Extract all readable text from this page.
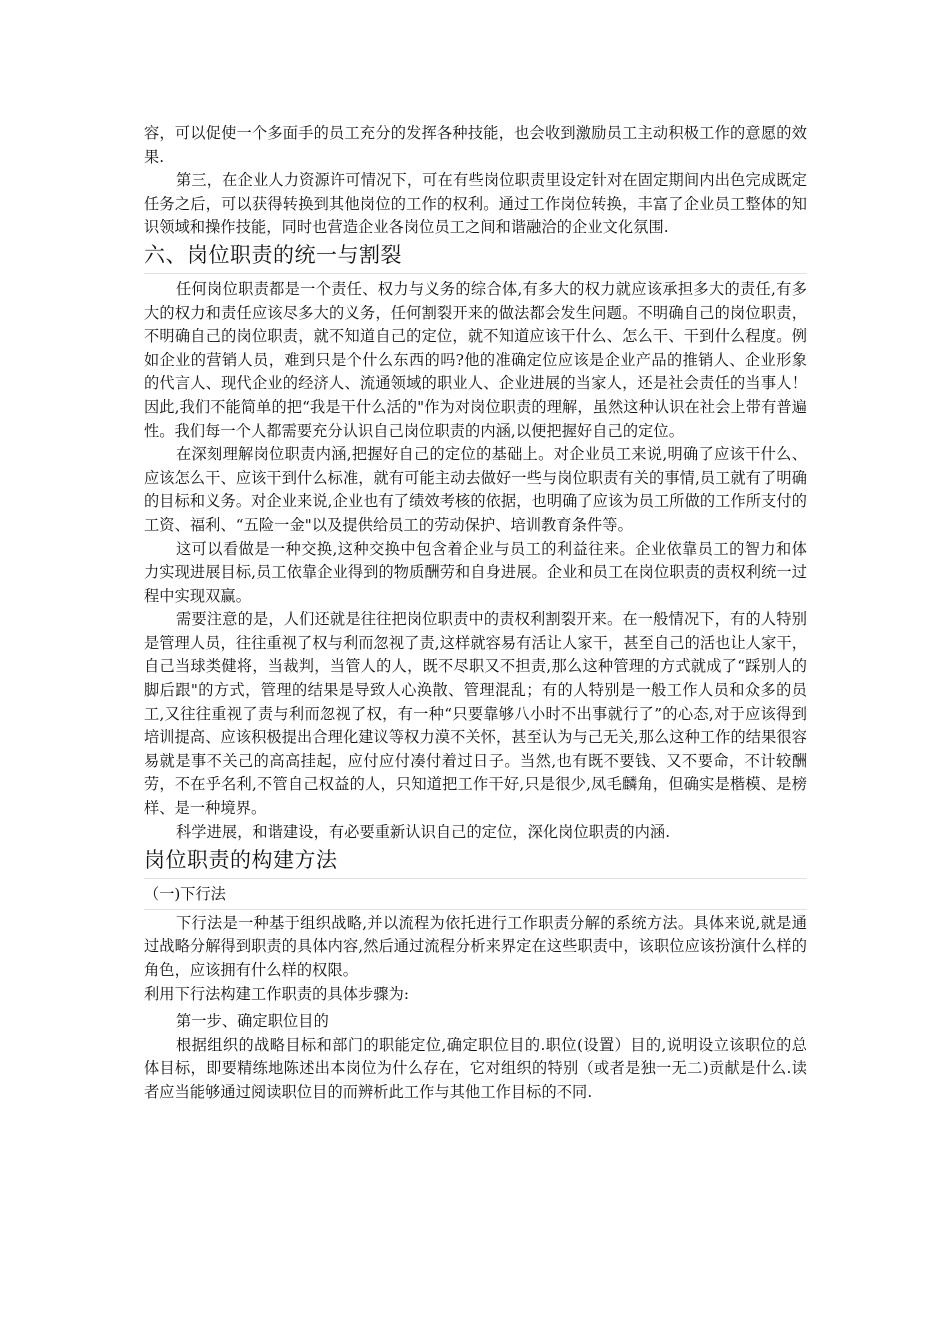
容，可以促使一个多面手的员工充分的发挥各种技能，也会收到激励员工主动积极工作的意愿的效果.

第三，在企业人力资源许可情况下，可在有些岗位职责里设定针对在固定期间内出色完成既定任务之后，可以获得转换到其他岗位的工作的权利。通过工作岗位转换，丰富了企业员工整体的知识领域和操作技能，同时也营造企业各岗位员工之间和谐融洽的企业文化氛围.

六、岗位职责的统一与割裂

任何岗位职责都是一个责任、权力与义务的综合体,有多大的权力就应该承担多大的责任,有多大的权力和责任应该尽多大的义务，任何割裂开来的做法都会发生问题。不明确自己的岗位职责，不明确自己的岗位职责，就不知道自己的定位，就不知道应该干什么、怎么干、干到什么程度。例如企业的营销人员，难到只是个什么东西的吗?他的准确定位应该是企业产品的推销人、企业形象的代言人、现代企业的经济人、流通领域的职业人、企业进展的当家人，还是社会责任的当事人！因此,我们不能简单的把“我是干什么活的"作为对岗位职责的理解，虽然这种认识在社会上带有普遍性。我们每一个人都需要充分认识自己岗位职责的内涵,以便把握好自己的定位。

在深刻理解岗位职责内涵,把握好自己的定位的基础上。对企业员工来说,明确了应该干什么、应该怎么干、应该干到什么标准，就有可能主动去做好一些与岗位职责有关的事情,员工就有了明确的目标和义务。对企业来说,企业也有了绩效考核的依据，也明确了应该为员工所做的工作所支付的工资、福利、“五险一金"以及提供给员工的劳动保护、培训教育条件等。

这可以看做是一种交换,这种交换中包含着企业与员工的利益往来。企业依靠员工的智力和体力实现进展目标,员工依靠企业得到的物质酬劳和自身进展。企业和员工在岗位职责的责权利统一过程中实现双赢。

需要注意的是，人们还就是往往把岗位职责中的责权利割裂开来。在一般情况下，有的人特别是管理人员，往往重视了权与利而忽视了责,这样就容易有活让人家干，甚至自己的活也让人家干，自己当球类健将，当裁判，当管人的人，既不尽职又不担责,那么这种管理的方式就成了“踩别人的脚后跟"的方式，管理的结果是导致人心涣散、管理混乱；有的人特别是一般工作人员和众多的员工,又往往重视了责与利而忽视了权，有一种“只要靠够八小时不出事就行了”的心态,对于应该得到培训提高、应该积极提出合理化建议等权力漠不关怀，甚至认为与己无关,那么这种工作的结果很容易就是事不关己的高高挂起，应付应付凑付着过日子。当然,也有既不要钱、又不要命，不计较酬劳，不在乎名利,不管自己权益的人，只知道把工作干好,只是很少,凤毛麟角，但确实是楷模、是榜样、是一种境界。

科学进展，和谐建设，有必要重新认识自己的定位，深化岗位职责的内涵.

岗位职责的构建方法

（一)下行法

下行法是一种基于组织战略,并以流程为依托进行工作职责分解的系统方法。具体来说,就是通过战略分解得到职责的具体内容,然后通过流程分析来界定在这些职责中，该职位应该扮演什么样的角色，应该拥有什么样的权限。

利用下行法构建工作职责的具体步骤为:

第一步、确定职位目的

根据组织的战略目标和部门的职能定位,确定职位目的.职位(设置）目的,说明设立该职位的总体目标，即要精练地陈述出本岗位为什么存在，它对组织的特别（或者是独一无二)贡献是什么.读者应当能够通过阅读职位目的而辨析此工作与其他工作目标的不同.
